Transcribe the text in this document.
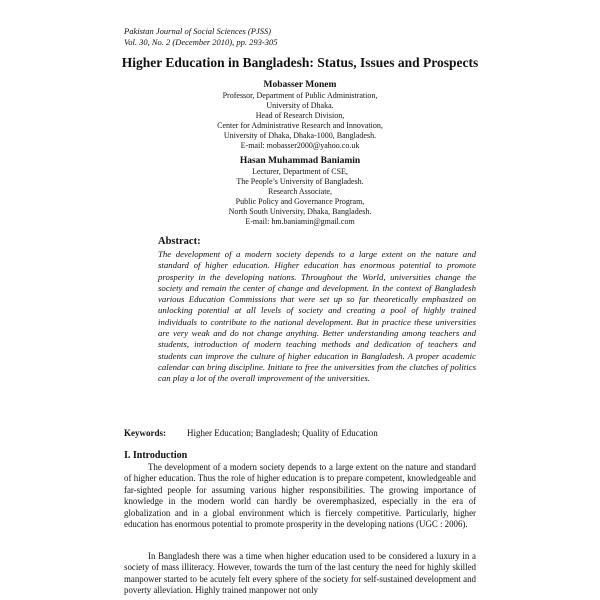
Pakistan Journal of Social Sciences (PJSS)
Vol. 30, No. 2 (December 2010), pp. 293-305
Higher Education in Bangladesh: Status, Issues and Prospects
Mobasser Monem
Professor, Department of Public Administration,
University of Dhaka.
Head of Research Division,
Center for Administrative Research and Innovation,
University of Dhaka, Dhaka-1000, Bangladesh.
E-mail: mobasser2000@yahoo.co.uk
Hasan Muhammad Baniamin
Lecturer, Department of CSE,
The People’s University of Bangladesh.
Research Associate,
Public Policy and Governance Program,
North South University, Dhaka, Bangladesh.
E-mail: hm.baniamin@gmail.com
Abstract:
The development of a modern society depends to a large extent on the nature and standard of higher education. Higher education has enormous potential to promote prosperity in the developing nations. Throughout the World, universities change the society and remain the center of change and development. In the context of Bangladesh various Education Commissions that were set up so far theoretically emphasized on unlocking potential at all levels of society and creating a pool of highly trained individuals to contribute to the national development. But in practice these universities are very weak and do not change anything. Better understanding among teachers and students, introduction of modern teaching methods and dedication of teachers and students can improve the culture of higher education in Bangladesh. A proper academic calendar can bring discipline. Initiate to free the universities from the clutches of politics can play a lot of the overall improvement of the universities.
Keywords: Higher Education; Bangladesh; Quality of Education
I. Introduction

The development of a modern society depends to a large extent on the nature and standard of higher education. Thus the role of higher education is to prepare competent, knowledgeable and far-sighted people for assuming various higher responsibilities. The growing importance of knowledge in the modern world can hardly be overemphasized, especially in the era of globalization and in a global environment which is fiercely competitive. Particularly, higher education has enormous potential to promote prosperity in the developing nations (UGC : 2006).

In Bangladesh there was a time when higher education used to be considered a luxury in a society of mass illiteracy. However, towards the turn of the last century the need for highly skilled manpower started to be acutely felt every sphere of the society for self-sustained development and poverty alleviation. Highly trained manpower not only
